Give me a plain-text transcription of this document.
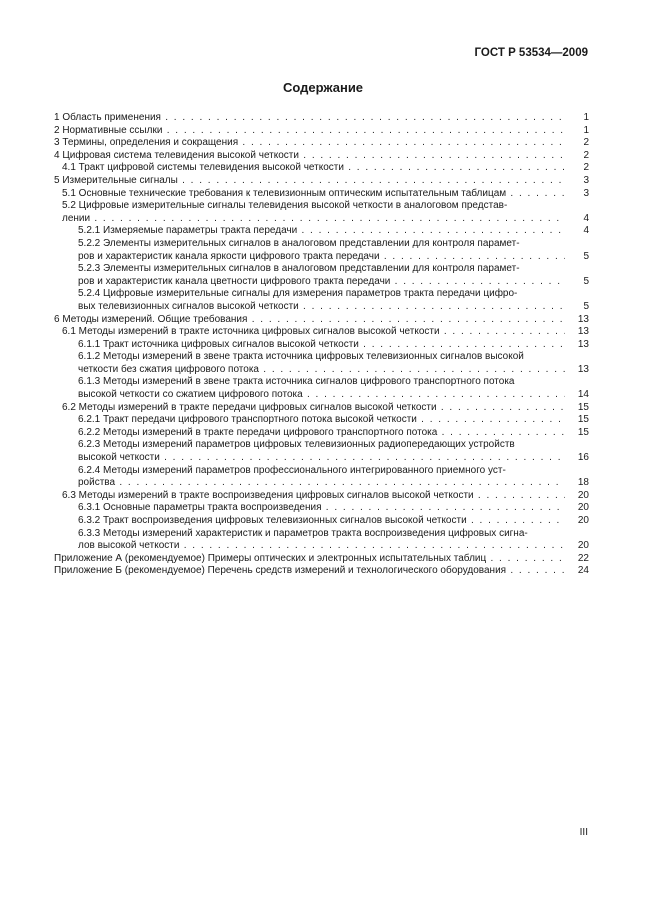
ГОСТ Р 53534—2009
Содержание
1 Область применения . . .	1
2 Нормативные ссылки . . .	1
3 Термины, определения и сокращения . . .	2
4 Цифровая система телевидения высокой четкости . . .	2
4.1 Тракт цифровой системы телевидения высокой четкости . . .	2
5 Измерительные сигналы . . .	3
5.1 Основные технические требования к телевизионным оптическим испытательным таблицам . . .	3
5.2 Цифровые измерительные сигналы телевидения высокой четкости в аналоговом представ-
лении . . .	4
5.2.1 Измеряемые параметры тракта передачи . . .	4
5.2.2 Элементы измерительных сигналов в аналоговом представлении для контроля парамет-
ров и характеристик канала яркости цифрового тракта передачи . . .	5
5.2.3 Элементы измерительных сигналов в аналоговом представлении для контроля парамет-
ров и характеристик канала цветности цифрового тракта передачи . . .	5
5.2.4 Цифровые измерительные сигналы для измерения параметров тракта передачи цифро-
вых телевизионных сигналов высокой четкости . . .	5
6 Методы измерений. Общие требования . . .	13
6.1 Методы измерений в тракте источника цифровых сигналов высокой четкости . . .	13
6.1.1 Тракт источника цифровых сигналов высокой четкости . . .	13
6.1.2 Методы измерений в звене тракта источника цифровых телевизионных сигналов высокой
четкости без сжатия цифрового потока . . .	13
6.1.3 Методы измерений в звене тракта источника сигналов цифрового транспортного потока
высокой четкости со сжатием цифрового потока . . .	14
6.2 Методы измерений в тракте передачи цифровых сигналов высокой четкости . . .	15
6.2.1 Тракт передачи цифрового транспортного потока высокой четкости . . .	15
6.2.2 Методы измерений в тракте передачи цифрового транспортного потока . . .	15
6.2.3 Методы измерений параметров цифровых телевизионных радиопередающих устройств
высокой четкости . . .	16
6.2.4 Методы измерений параметров профессионального интегрированного приемного уст-
ройства . . .	18
6.3 Методы измерений в тракте воспроизведения цифровых сигналов высокой четкости . . .	20
6.3.1 Основные параметры тракта воспроизведения . . .	20
6.3.2 Тракт воспроизведения цифровых телевизионных сигналов высокой четкости . . .	20
6.3.3 Методы измерений характеристик и параметров тракта воспроизведения цифровых сигна-
лов высокой четкости . . .	20
Приложение А (рекомендуемое) Примеры оптических и электронных испытательных таблиц . . .	22
Приложение Б (рекомендуемое) Перечень средств измерений и технологического оборудования . . .	24
III
